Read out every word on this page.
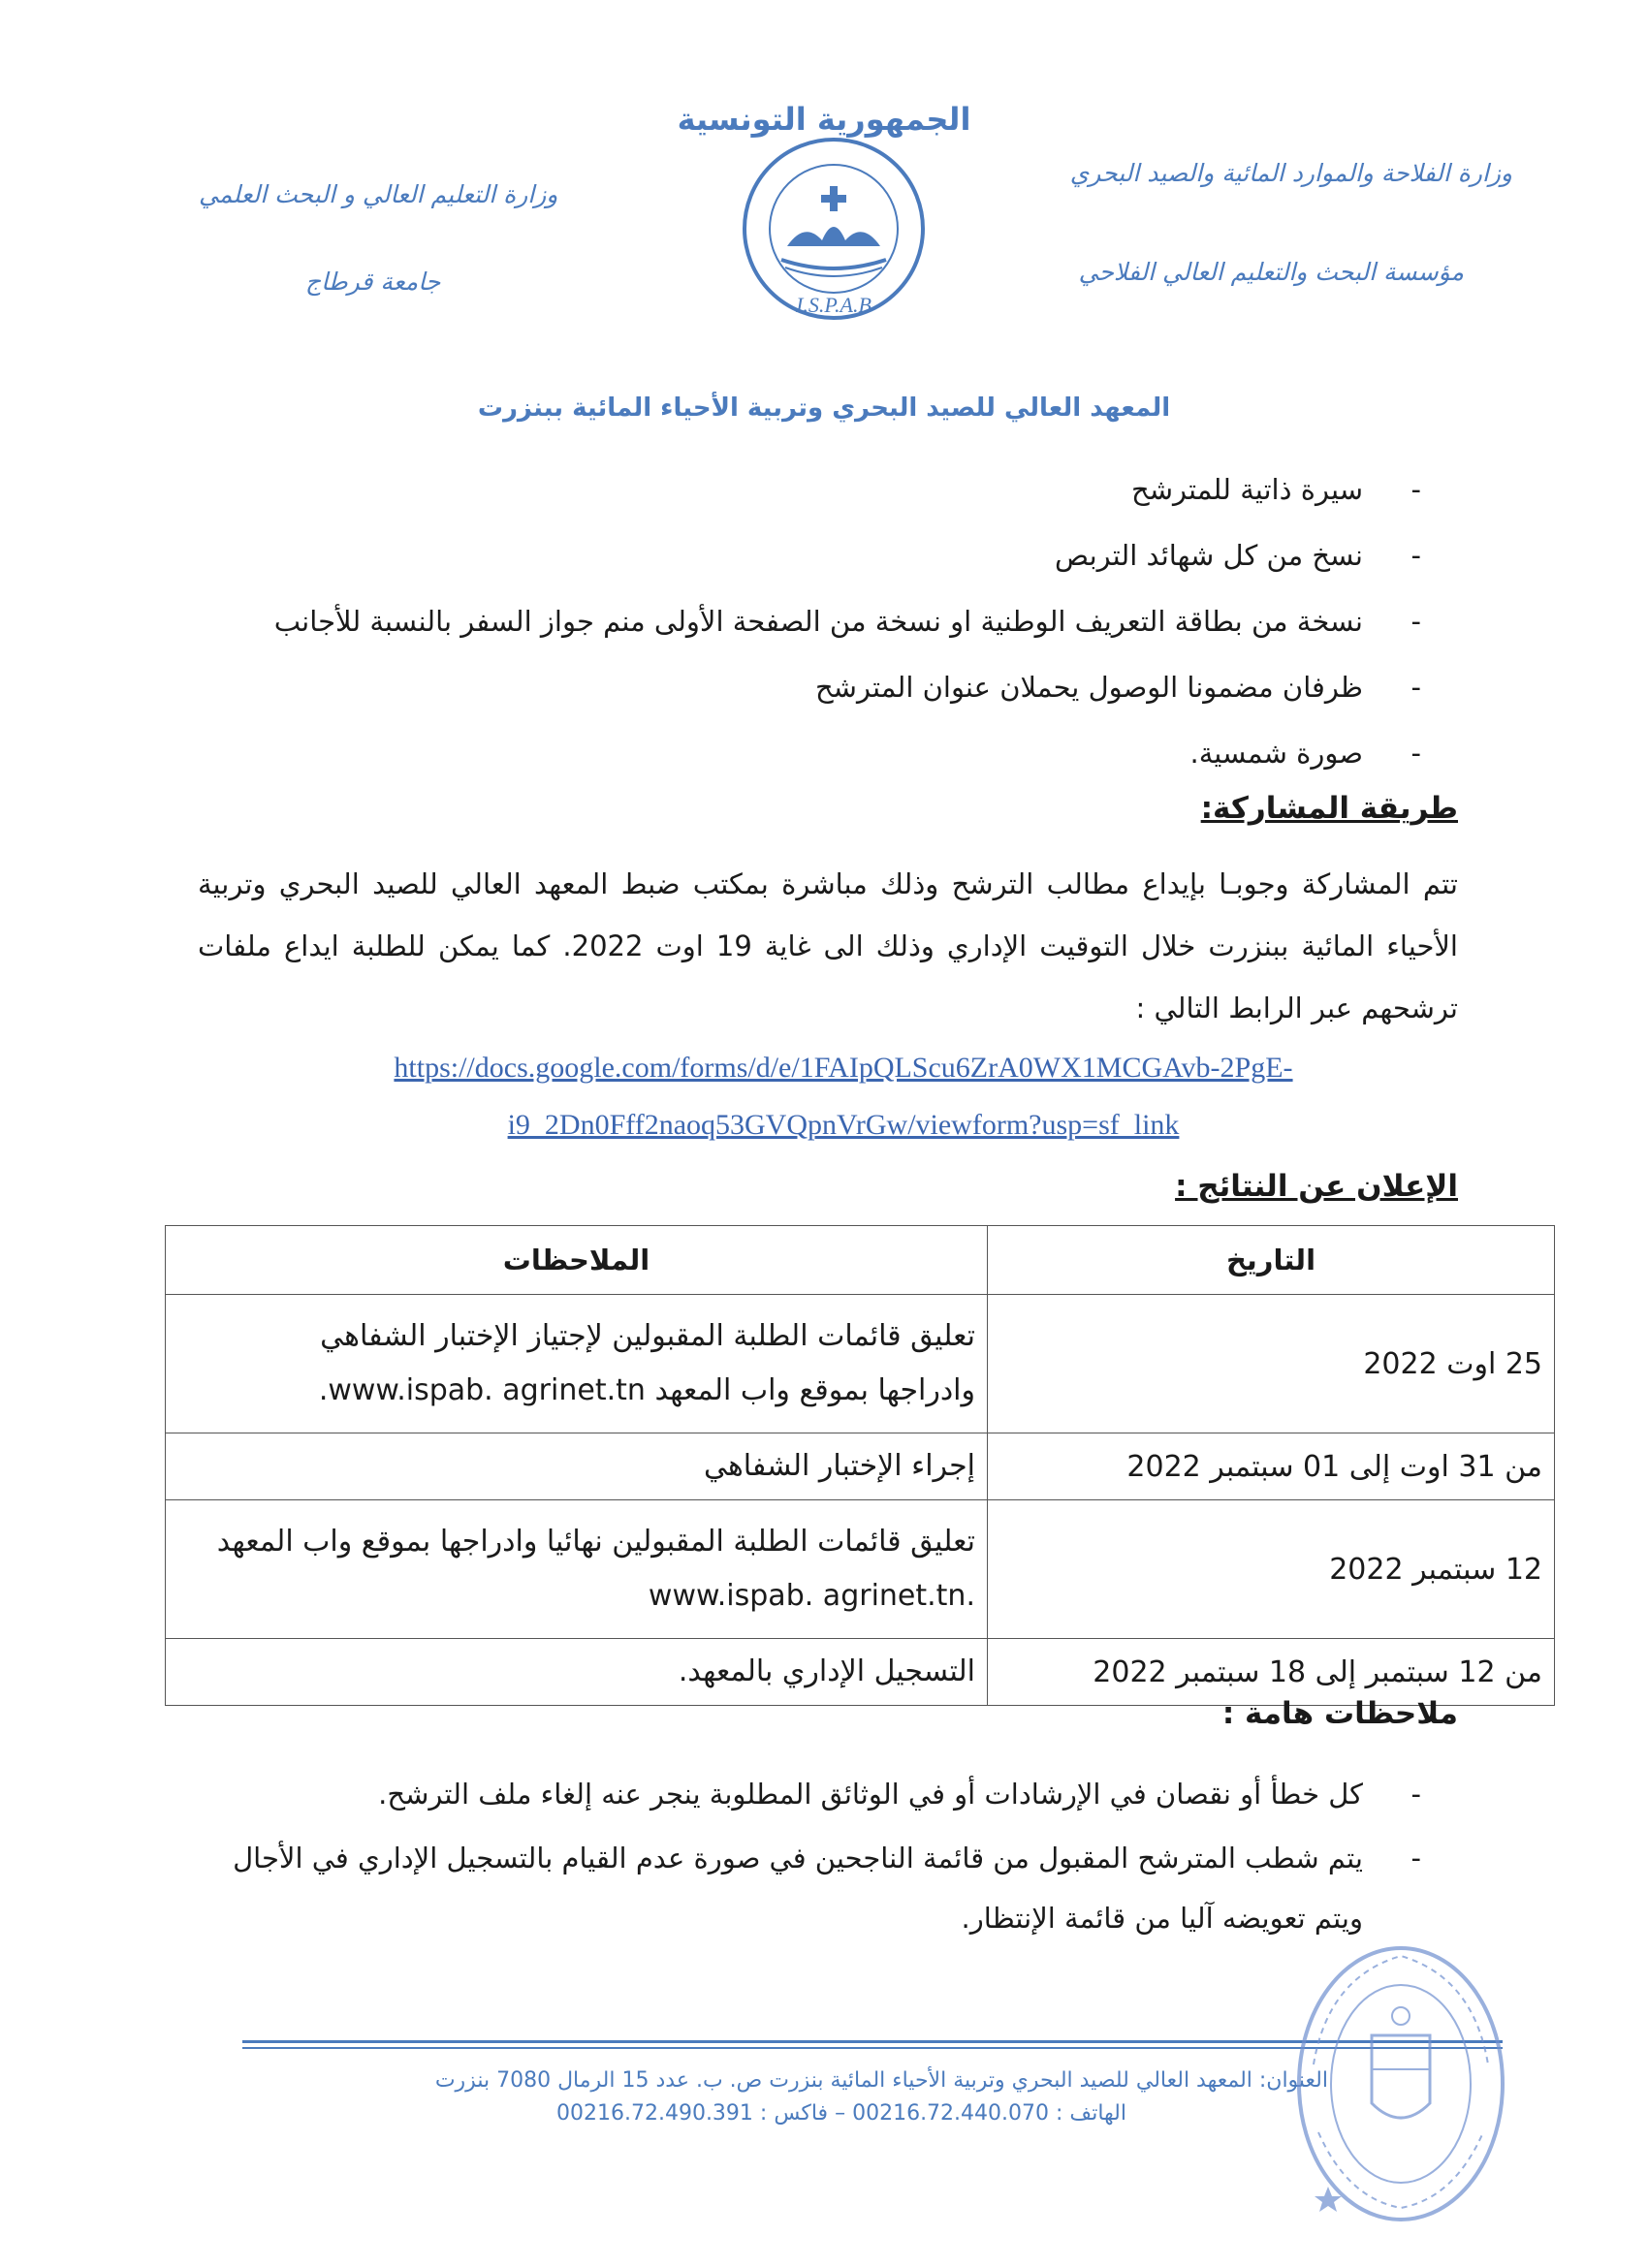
الجمهورية التونسية
وزارة الفلاحة والموارد المائية والصيد البحري
مؤسسة البحث والتعليم العالي الفلاحي
وزارة التعليم العالي و البحث العلمي
جامعة قرطاج
I.S.P.A.B
المعهد العالي للصيد البحري وتربية الأحياء المائية ببنزرت
- سيرة ذاتية للمترشح
- نسخ من كل شهائد التربص
- نسخة من بطاقة التعريف الوطنية او نسخة من الصفحة الأولى منم جواز السفر بالنسبة للأجانب
- ظرفان مضمونا الوصول يحملان عنوان المترشح
- صورة شمسية.
طريقة المشاركة:
تتم المشاركة وجوبـا بإيداع مطالب الترشح وذلك مباشرة بمكتب ضبط المعهد العالي للصيد البحري وتربية الأحياء المائية ببنزرت خلال التوقيت الإداري وذلك الى غاية 19 اوت 2022. كما يمكن للطلبة ايداع ملفات ترشحهم عبر الرابط التالي :
https://docs.google.com/forms/d/e/1FAIpQLScu6ZrA0WX1MCGAvb-2PgE-
i9_2Dn0Fff2naoq53GVQpnVrGw/viewform?usp=sf_link
الإعلان عن النتائج :
التاريخ	الملاحظات
25 اوت 2022	تعليق قائمات الطلبة المقبولين لإجتياز الإختبار الشفاهي
وادراجها بموقع واب المعهد www.ispab. agrinet.tn.

من 31 اوت إلى 01 سبتمبر 2022	إجراء الإختبار الشفاهي
12 سبتمبر 2022	تعليق قائمات الطلبة المقبولين نهائيا وادراجها بموقع واب المعهد
.www.ispab. agrinet.tn

من 12 سبتمبر إلى 18 سبتمبر 2022	التسجيل الإداري بالمعهد.
ملاحظات هامة :
- كل خطأ أو نقصان في الإرشادات أو في الوثائق المطلوبة ينجر عنه إلغاء ملف الترشح.
- يتم شطب المترشح المقبول من قائمة الناجحين في صورة عدم القيام بالتسجيل الإداري في الأجال ويتم تعويضه آليا من قائمة الإنتظار.
العنوان: المعهد العالي للصيد البحري وتربية الأحياء المائية بنزرت ص. ب. عدد 15 الرمال 7080 بنزرت
الهاتف : 00216.72.440.070 – فاكس : 00216.72.490.391
